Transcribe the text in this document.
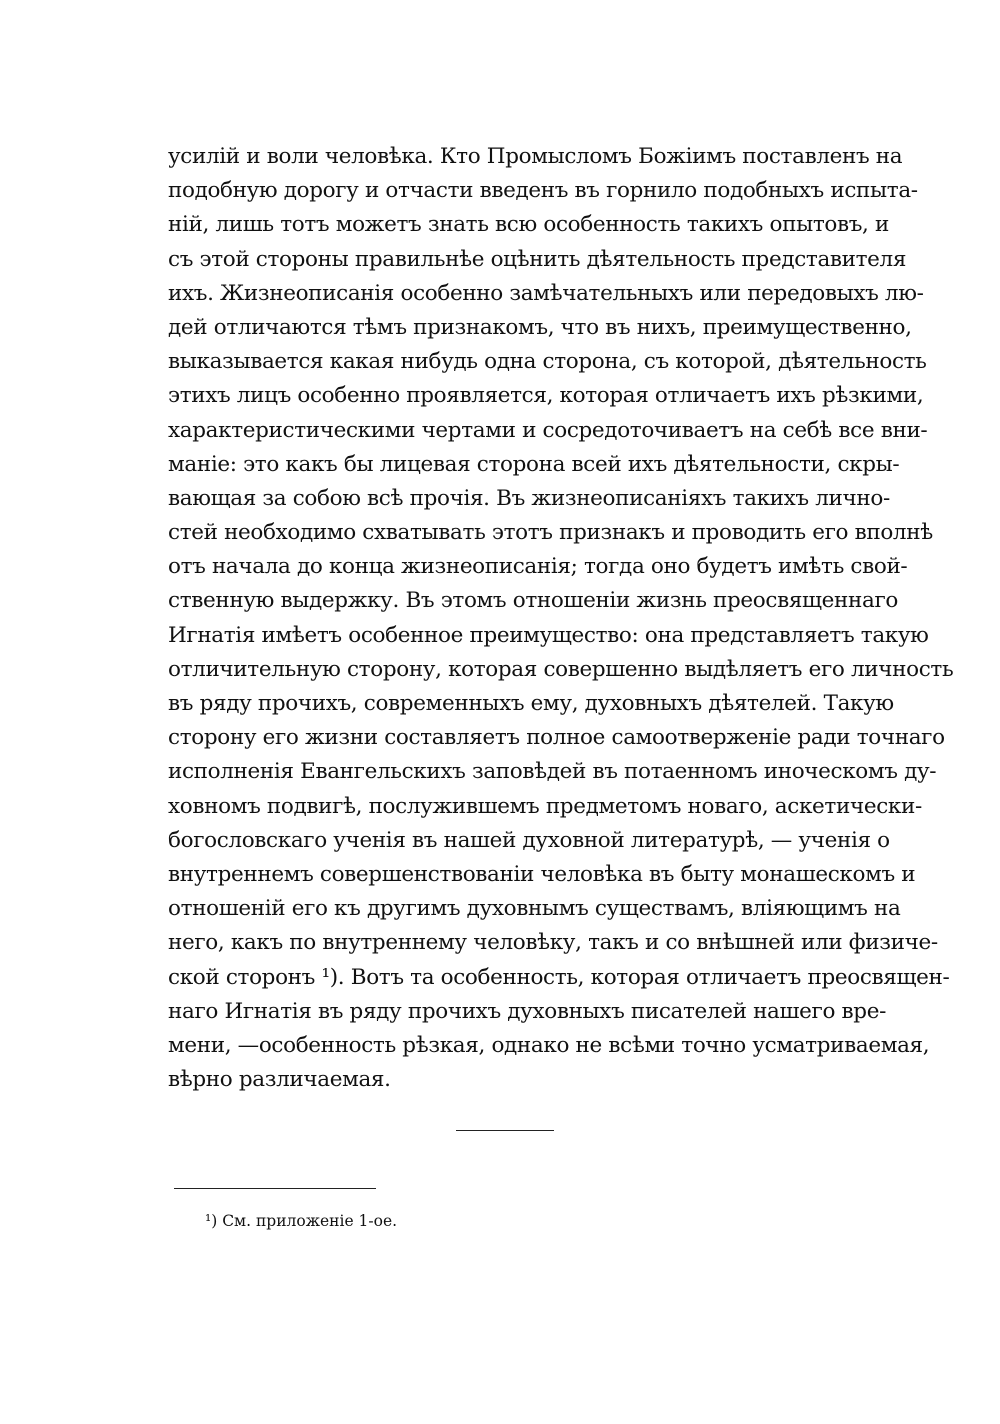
усилій и воли человѣка. Кто Промысломъ Божіимъ поставленъ на
подобную дорогу и отчасти введенъ въ горнило подобныхъ испыта-
ній, лишь тотъ можетъ знать всю особенность такихъ опытовъ, и
съ этой стороны правильнѣе оцѣнить дѣятельность представителя
ихъ. Жизнеописанія особенно замѣчательныхъ или передовыхъ лю-
дей отличаются тѣмъ признакомъ, что въ нихъ, преимущественно,
выказывается какая нибудь одна сторона, съ которой, дѣятельность
этихъ лицъ особенно проявляется, которая отличаетъ ихъ рѣзкими,
характеристическими чертами и сосредоточиваетъ на себѣ все вни-
маніе: это какъ бы лицевая сторона всей ихъ дѣятельности, скры-
вающая за собою всѣ прочія. Въ жизнеописаніяхъ такихъ лично-
стей необходимо схватывать этотъ признакъ и проводить его вполнѣ
отъ начала до конца жизнеописанія; тогда оно будетъ имѣть свой-
ственную выдержку. Въ этомъ отношеніи жизнь преосвященнаго
Игнатія имѣетъ особенное преимущество: она представляетъ такую
отличительную сторону, которая совершенно выдѣляетъ его личность
въ ряду прочихъ, современныхъ ему, духовныхъ дѣятелей. Такую
сторону его жизни составляетъ полное самоотверженіе ради точнаго
исполненія Евангельскихъ заповѣдей въ потаенномъ иноческомъ ду-
ховномъ подвигѣ, послужившемъ предметомъ новаго, аскетически-
богословскаго ученія въ нашей духовной литературѣ, — ученія о
внутреннемъ совершенствованіи человѣка въ быту монашескомъ и
отношеній его къ другимъ духовнымъ существамъ, вліяющимъ на
него, какъ по внутреннему человѣку, такъ и со внѣшней или физиче-
ской сторонъ ¹). Вотъ та особенность, которая отличаетъ преосвящен-
наго Игнатія въ ряду прочихъ духовныхъ писателей нашего вре-
мени, —особенность рѣзкая, однако не всѣми точно усматриваемая,
вѣрно различаемая.
¹) См. приложеніе 1-ое.
